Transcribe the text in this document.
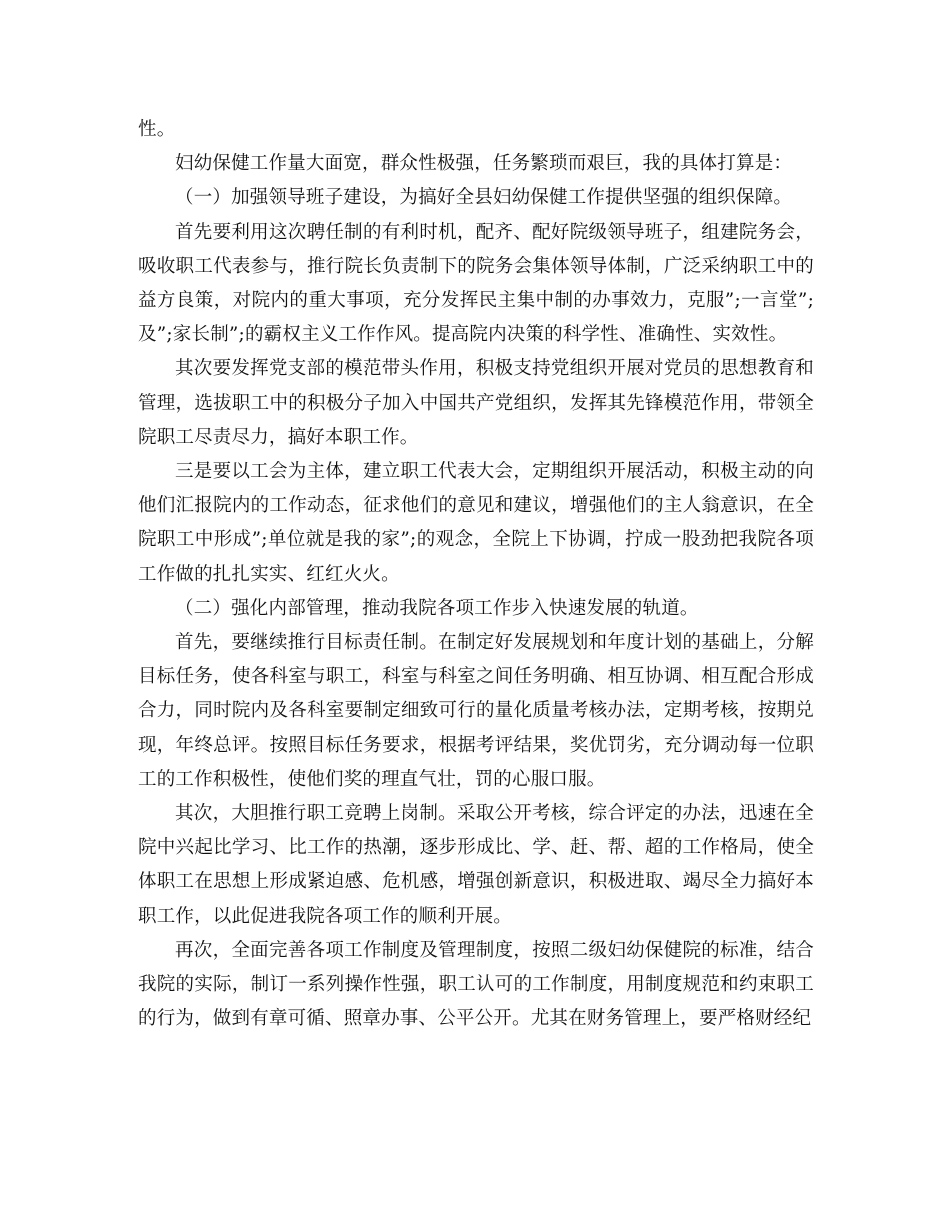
性。

妇幼保健工作量大面宽，群众性极强，任务繁琐而艰巨，我的具体打算是：

（一）加强领导班子建设，为搞好全县妇幼保健工作提供坚强的组织保障。

首先要利用这次聘任制的有利时机，配齐、配好院级领导班子，组建院务会，吸收职工代表参与，推行院长负责制下的院务会集体领导体制，广泛采纳职工中的益方良策，对院内的重大事项，充分发挥民主集中制的办事效力，克服”;一言堂”;及”;家长制”;的霸权主义工作作风。提高院内决策的科学性、准确性、实效性。

其次要发挥党支部的模范带头作用，积极支持党组织开展对党员的思想教育和管理，选拔职工中的积极分子加入中国共产党组织，发挥其先锋模范作用，带领全院职工尽责尽力，搞好本职工作。

三是要以工会为主体，建立职工代表大会，定期组织开展活动，积极主动的向他们汇报院内的工作动态，征求他们的意见和建议，增强他们的主人翁意识，在全院职工中形成”;单位就是我的家”;的观念，全院上下协调，拧成一股劲把我院各项工作做的扎扎实实、红红火火。

（二）强化内部管理，推动我院各项工作步入快速发展的轨道。

首先，要继续推行目标责任制。在制定好发展规划和年度计划的基础上，分解目标任务，使各科室与职工，科室与科室之间任务明确、相互协调、相互配合形成合力，同时院内及各科室要制定细致可行的量化质量考核办法，定期考核，按期兑现，年终总评。按照目标任务要求，根据考评结果，奖优罚劣，充分调动每一位职工的工作积极性，使他们奖的理直气壮，罚的心服口服。

其次，大胆推行职工竞聘上岗制。采取公开考核，综合评定的办法，迅速在全院中兴起比学习、比工作的热潮，逐步形成比、学、赶、帮、超的工作格局，使全体职工在思想上形成紧迫感、危机感，增强创新意识，积极进取、竭尽全力搞好本职工作，以此促进我院各项工作的顺利开展。

再次，全面完善各项工作制度及管理制度，按照二级妇幼保健院的标准，结合我院的实际，制订一系列操作性强，职工认可的工作制度，用制度规范和约束职工的行为，做到有章可循、照章办事、公平公开。尤其在财务管理上，要严格财经纪
